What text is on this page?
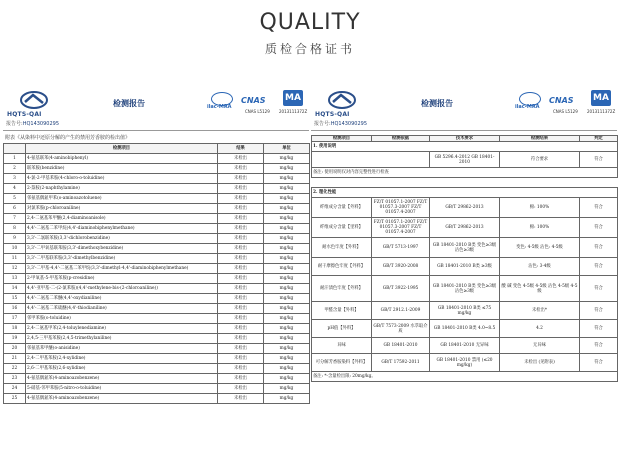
QUALITY
质检合格证书
HQTS-QAI
检测报告	ilac-MRA
CNAS
CNAS L5129
MA
2013111372Z
报告号:HQ143090295
附表《从染料中还原分解的产生的禁用芳香胺的检出值》
	检测项目	结果	单位
1	4-氨基联苯(4-aminobiphenyl)	未检出	mg/kg
2	联苯胺(benzidine)	未检出	mg/kg
3	4-氯-2-甲基苯胺(4-chloro-o-toluidine)	未检出	mg/kg
4	2-萘胺(2-naphthylamine)	未检出	mg/kg
5	邻氨基偶氮甲苯(o-aminoazotoluene)	未检出	mg/kg
6	对氯苯胺(p-chloroaniline)	未检出	mg/kg
7	2,4-二氨基苯甲醚(2,4-diaminoanisole)	未检出	mg/kg
8	4,4'-二氨基二苯甲烷(4,4'-diaminobiphenylmethane)	未检出	mg/kg
9	3,3'-二氯联苯胺(3,3'-dichlorobenzidine)	未检出	mg/kg
10	3,3'-二甲氧基联苯胺(3,3'-dimethoxybenzidine)	未检出	mg/kg
11	3,3'-二甲基联苯胺(3,3'-dimethylbenzidine)	未检出	mg/kg
12	3,3'-二甲基-4,4'-二氨基二苯甲烷(3,3'-dimethyl-4,4'-diaminobiphenylmethane)	未检出	mg/kg
13	2-甲氧基-5-甲基苯胺(p-cresidine)	未检出	mg/kg
14	4,4'-亚甲基-二-(2-氯苯胺)(4,4'-methylene-bis-(2-chloroaniline))	未检出	mg/kg
15	4,4'-二氨基二苯醚(4,4'-oxydianiline)	未检出	mg/kg
16	4,4'-二氨基二苯硫醚(4,4'-thiodianiline)	未检出	mg/kg
17	邻甲苯胺(o-toluidine)	未检出	mg/kg
18	2,4-二氨基甲苯(2,4-toluylenediamine)	未检出	mg/kg
19	2,4,5-三甲基苯胺(2,4,5-trimethylaniline)	未检出	mg/kg
20	邻氨基苯甲醚(o-anisidine)	未检出	mg/kg
21	2,4-二甲基苯胺(2,4-xylidine)	未检出	mg/kg
22	2,6-二甲基苯胺(2,6-xylidine)	未检出	mg/kg
23	4-氨基偶氮苯(4-aminoazobenzene)	未检出	mg/kg
24	5-硝基-邻甲苯胺(5-nitro-o-toluidine)	未检出	mg/kg
25	4-氨基偶氮苯(4-aminoazobenzene)	未检出	mg/kg
HQTS-QAI
检测报告	ilac-MRA
CNAS
CNAS L5129
MA
2013111372Z
报告号:HQ143090295
检测项目	检测依据	技术要求	检测结果	判定
1. 使用说明				
		GB 5296.4-2012 GB 18401-2010	符合要求	符合
备注: 使用说明仅对内容完整性进行检查				

2. 理化性能				
纤维成分含量【外料】	FZ/T 01057.1-2007 FZ/T 01057.3-2007 FZ/T 01057.4-2007	GB/T 29862-2013	棉: 100%	符合
纤维成分含量【里料】	FZ/T 01057.1-2007 FZ/T 01057.3-2007 FZ/T 01057.4-2007	GB/T 29862-2013	棉: 100%	符合
耐水色牢度【外料】	GB/T 5713-1997	GB 18401-2010 B类 变色≥3级 沾色≥3级	变色: 4-5级 沾色: 4-5级	符合
耐干摩擦色牢度【外料】	GB/T 3920-2008	GB 18401-2010 B类 ≥3级	沾色: 3-4级	符合
耐汗渍色牢度【外料】	GB/T 3922-1995	GB 18401-2010 B类 变色≥3级 沾色≥3级	酸 碱 变色 4-5级 4-5级 沾色 4-5级 4-5级	符合
甲醛含量【外料】	GB/T 2912.1-2009	GB 18401-2010 B类 ≤75 mg/kg	未检出*	符合
pH值【外料】	GB/T 7573-2009 水萃取介质	GB 18401-2010 B类 4.0~8.5	4.2	符合
异味	GB 18401-2010	GB 18401-2010 无异味	无异味	符合
可分解芳香胺染料【外料】	GB/T 17592-2011	GB 18401-2010 禁用 (≤20 mg/kg)	未检出 (见附表)	符合
备注: *-含量检出限: 20mg/kg。				
